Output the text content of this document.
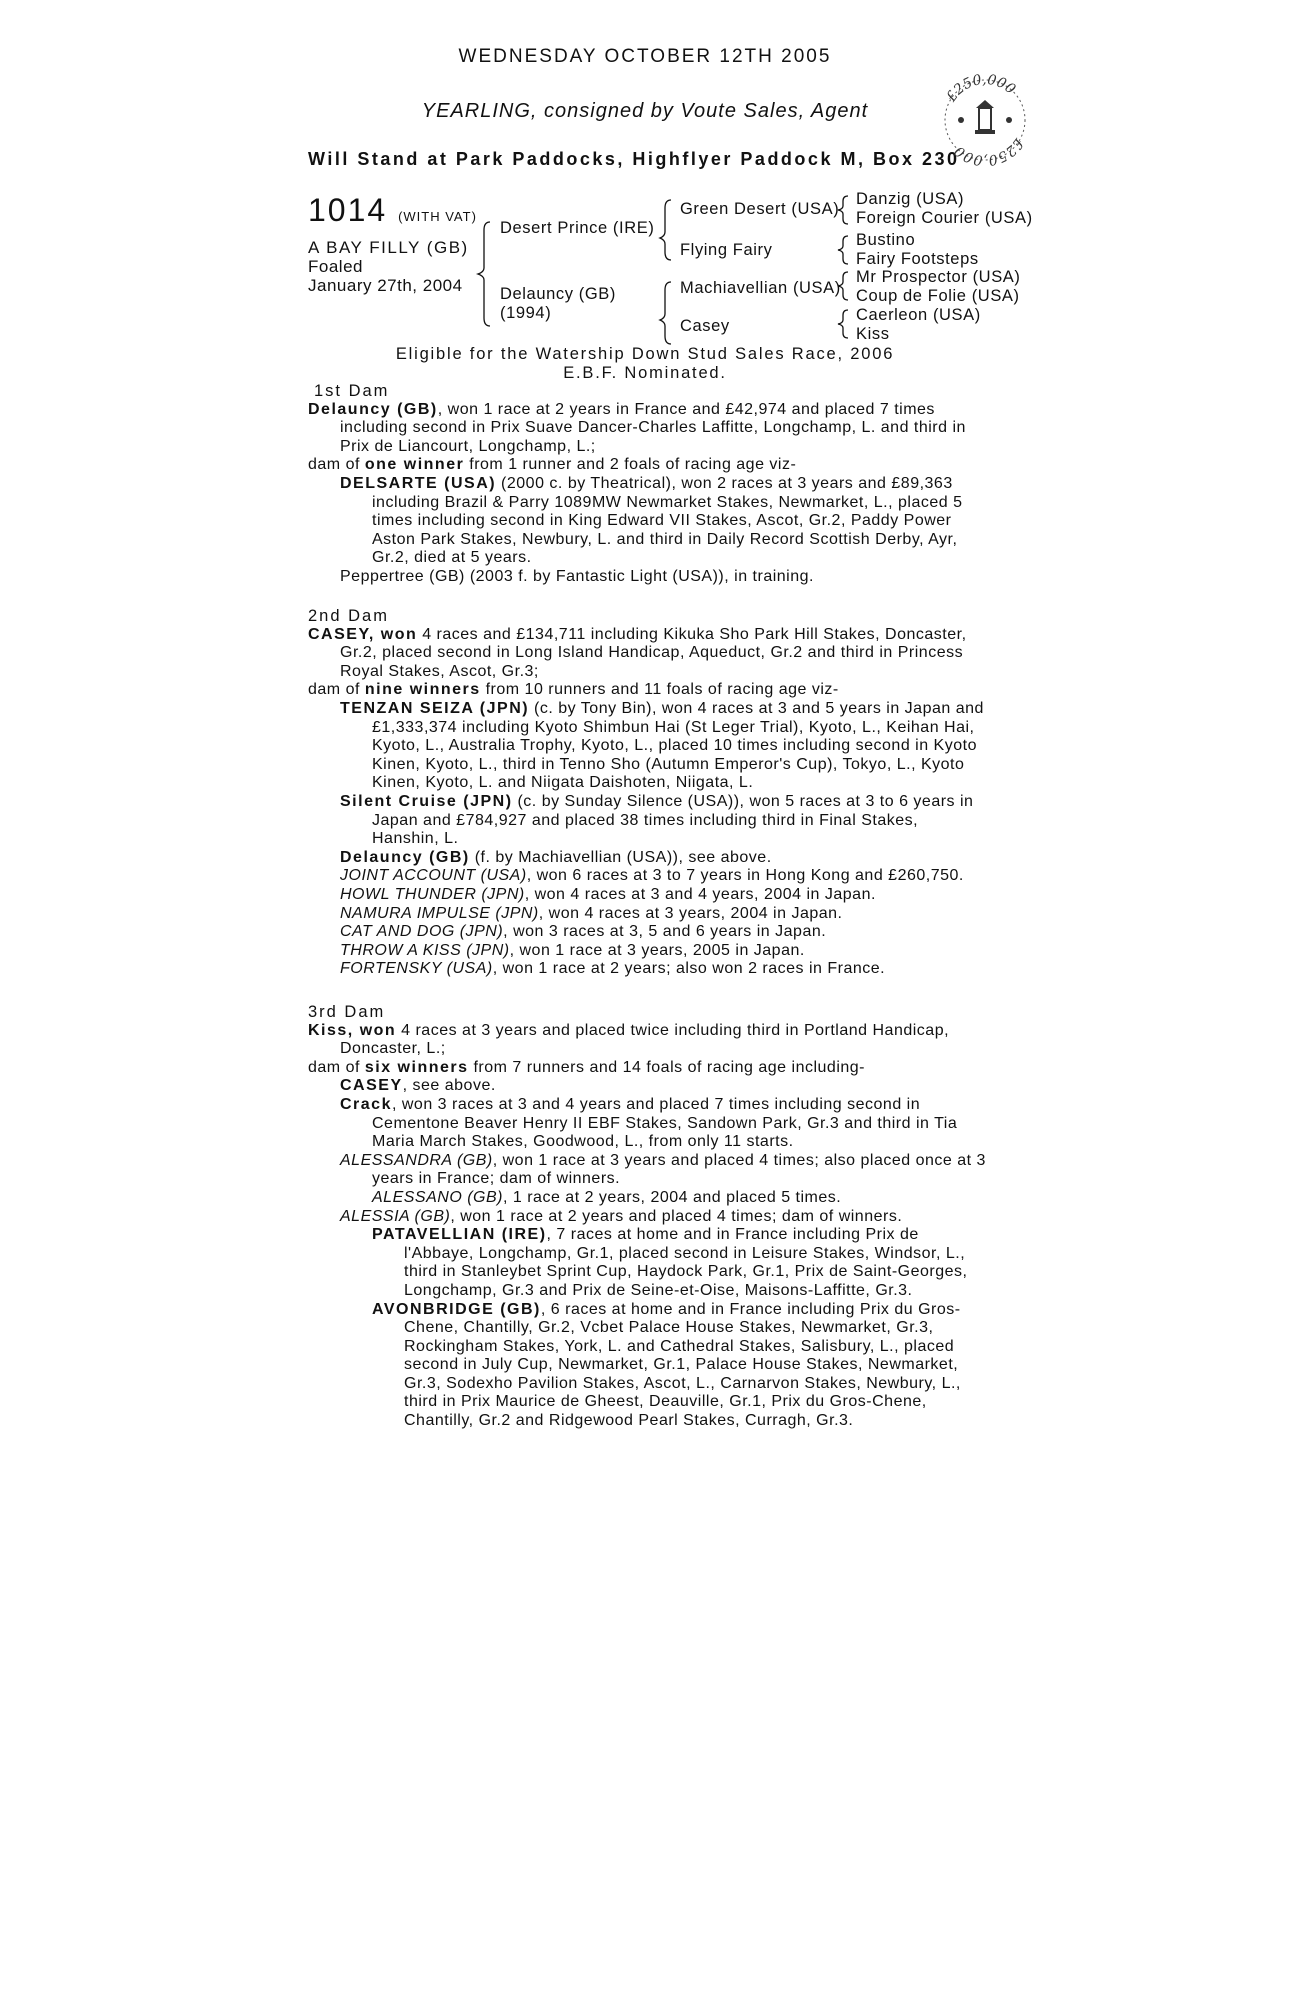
WEDNESDAY OCTOBER 12TH 2005
YEARLING, consigned by Voute Sales, Agent
Will Stand at Park Paddocks, Highflyer Paddock M, Box 230
£250,000
£250,000
1014 (WITH VAT)
A BAY FILLY (GB)
Foaled
January 27th, 2004
Desert Prince (IRE)
Delauncy (GB)
(1994)
Green Desert (USA)
Flying Fairy
Machiavellian (USA)
Casey
Danzig (USA)
Foreign Courier (USA)
Bustino
Fairy Footsteps
Mr Prospector (USA)
Coup de Folie (USA)
Caerleon (USA)
Kiss
Eligible for the Watership Down Stud Sales Race, 2006
E.B.F. Nominated.

1st Dam

Delauncy (GB), won 1 race at 2 years in France and £42,974 and placed 7 times including second in Prix Suave Dancer-Charles Laffitte, Longchamp, L. and third in Prix de Liancourt, Longchamp, L.;

dam of one winner from 1 runner and 2 foals of racing age viz-

DELSARTE (USA) (2000 c. by Theatrical), won 2 races at 3 years and £89,363 including Brazil & Parry 1089MW Newmarket Stakes, Newmarket, L., placed 5 times including second in King Edward VII Stakes, Ascot, Gr.2, Paddy Power Aston Park Stakes, Newbury, L. and third in Daily Record Scottish Derby, Ayr, Gr.2, died at 5 years.

Peppertree (GB) (2003 f. by Fantastic Light (USA)), in training.

2nd Dam

CASEY, won 4 races and £134,711 including Kikuka Sho Park Hill Stakes, Doncaster, Gr.2, placed second in Long Island Handicap, Aqueduct, Gr.2 and third in Princess Royal Stakes, Ascot, Gr.3;

dam of nine winners from 10 runners and 11 foals of racing age viz-

TENZAN SEIZA (JPN) (c. by Tony Bin), won 4 races at 3 and 5 years in Japan and £1,333,374 including Kyoto Shimbun Hai (St Leger Trial), Kyoto, L., Keihan Hai, Kyoto, L., Australia Trophy, Kyoto, L., placed 10 times including second in Kyoto Kinen, Kyoto, L., third in Tenno Sho (Autumn Emperor's Cup), Tokyo, L., Kyoto Kinen, Kyoto, L. and Niigata Daishoten, Niigata, L.

Silent Cruise (JPN) (c. by Sunday Silence (USA)), won 5 races at 3 to 6 years in Japan and £784,927 and placed 38 times including third in Final Stakes, Hanshin, L.

Delauncy (GB) (f. by Machiavellian (USA)), see above.

JOINT ACCOUNT (USA), won 6 races at 3 to 7 years in Hong Kong and £260,750.

HOWL THUNDER (JPN), won 4 races at 3 and 4 years, 2004 in Japan.

NAMURA IMPULSE (JPN), won 4 races at 3 years, 2004 in Japan.

CAT AND DOG (JPN), won 3 races at 3, 5 and 6 years in Japan.

THROW A KISS (JPN), won 1 race at 3 years, 2005 in Japan.

FORTENSKY (USA), won 1 race at 2 years; also won 2 races in France.

3rd Dam

Kiss, won 4 races at 3 years and placed twice including third in Portland Handicap, Doncaster, L.;

dam of six winners from 7 runners and 14 foals of racing age including-

CASEY, see above.

Crack, won 3 races at 3 and 4 years and placed 7 times including second in Cementone Beaver Henry II EBF Stakes, Sandown Park, Gr.3 and third in Tia Maria March Stakes, Goodwood, L., from only 11 starts.

ALESSANDRA (GB), won 1 race at 3 years and placed 4 times; also placed once at 3 years in France; dam of winners.

ALESSANO (GB), 1 race at 2 years, 2004 and placed 5 times.

ALESSIA (GB), won 1 race at 2 years and placed 4 times; dam of winners.

PATAVELLIAN (IRE), 7 races at home and in France including Prix de l'Abbaye, Longchamp, Gr.1, placed second in Leisure Stakes, Windsor, L., third in Stanleybet Sprint Cup, Haydock Park, Gr.1, Prix de Saint-Georges, Longchamp, Gr.3 and Prix de Seine-et-Oise, Maisons-Laffitte, Gr.3.

AVONBRIDGE (GB), 6 races at home and in France including Prix du Gros-Chene, Chantilly, Gr.2, Vcbet Palace House Stakes, Newmarket, Gr.3, Rockingham Stakes, York, L. and Cathedral Stakes, Salisbury, L., placed second in July Cup, Newmarket, Gr.1, Palace House Stakes, Newmarket, Gr.3, Sodexho Pavilion Stakes, Ascot, L., Carnarvon Stakes, Newbury, L., third in Prix Maurice de Gheest, Deauville, Gr.1, Prix du Gros-Chene, Chantilly, Gr.2 and Ridgewood Pearl Stakes, Curragh, Gr.3.
